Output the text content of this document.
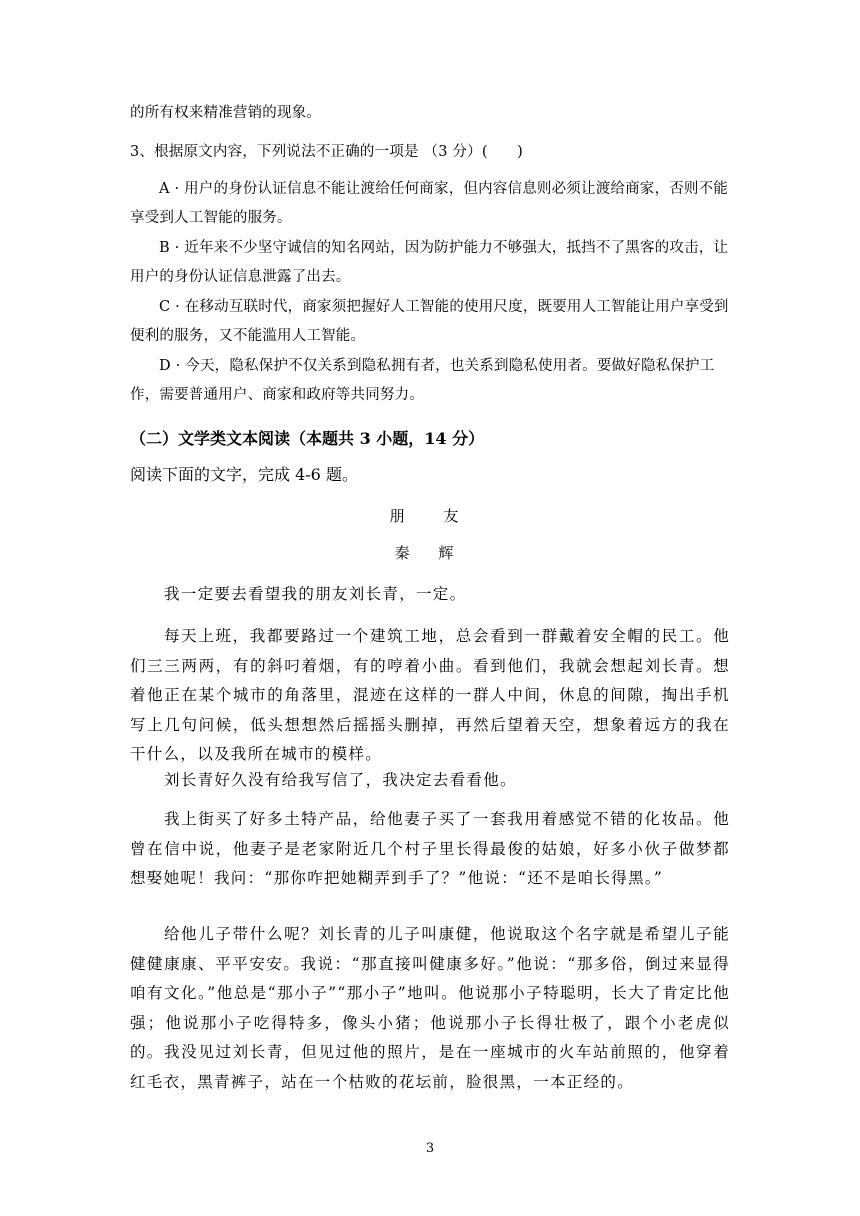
的所有权来精准营销的现象。

3、根据原文内容，下列说法不正确的一项是 （3 分）(　　)

A · 用户的身份认证信息不能让渡给任何商家，但内容信息则必须让渡给商家，否则不能享受到人工智能的服务。

B · 近年来不少坚守诚信的知名网站，因为防护能力不够强大，抵挡不了黑客的攻击，让用户的身份认证信息泄露了出去。

C · 在移动互联时代，商家须把握好人工智能的使用尺度，既要用人工智能让用户享受到便利的服务，又不能滥用人工智能。

D · 今天，隐私保护不仅关系到隐私拥有者，也关系到隐私使用者。要做好隐私保护工作，需要普通用户、商家和政府等共同努力。

（二）文学类文本阅读（本题共 3 小题，14 分）

阅读下面的文字，完成 4-6 题。

朋　友

秦 辉

我一定要去看望我的朋友刘长青，一定。

每天上班，我都要路过一个建筑工地，总会看到一群戴着安全帽的民工。他们三三两两，有的斜叼着烟，有的哼着小曲。看到他们，我就会想起刘长青。想着他正在某个城市的角落里，混迹在这样的一群人中间，休息的间隙，掏出手机写上几句问候，低头想想然后摇摇头删掉，再然后望着天空，想象着远方的我在干什么，以及我所在城市的模样。

刘长青好久没有给我写信了，我决定去看看他。

我上街买了好多土特产品，给他妻子买了一套我用着感觉不错的化妆品。他曾在信中说，他妻子是老家附近几个村子里长得最俊的姑娘，好多小伙子做梦都想娶她呢！我问：“那你咋把她糊弄到手了？”他说：“还不是咱长得黑。”

给他儿子带什么呢？刘长青的儿子叫康健，他说取这个名字就是希望儿子能健健康康、平平安安。我说：“那直接叫健康多好。”他说：“那多俗，倒过来显得咱有文化。”他总是“那小子”“那小子”地叫。他说那小子特聪明，长大了肯定比他强；他说那小子吃得特多，像头小猪；他说那小子长得壮极了，跟个小老虎似的。 我没见过刘长青，但见过他的照片，是在一座城市的火车站前照的，他穿着红毛衣，黑青裤子，站在一个枯败的花坛前，脸很黑，一本正经的。

3
